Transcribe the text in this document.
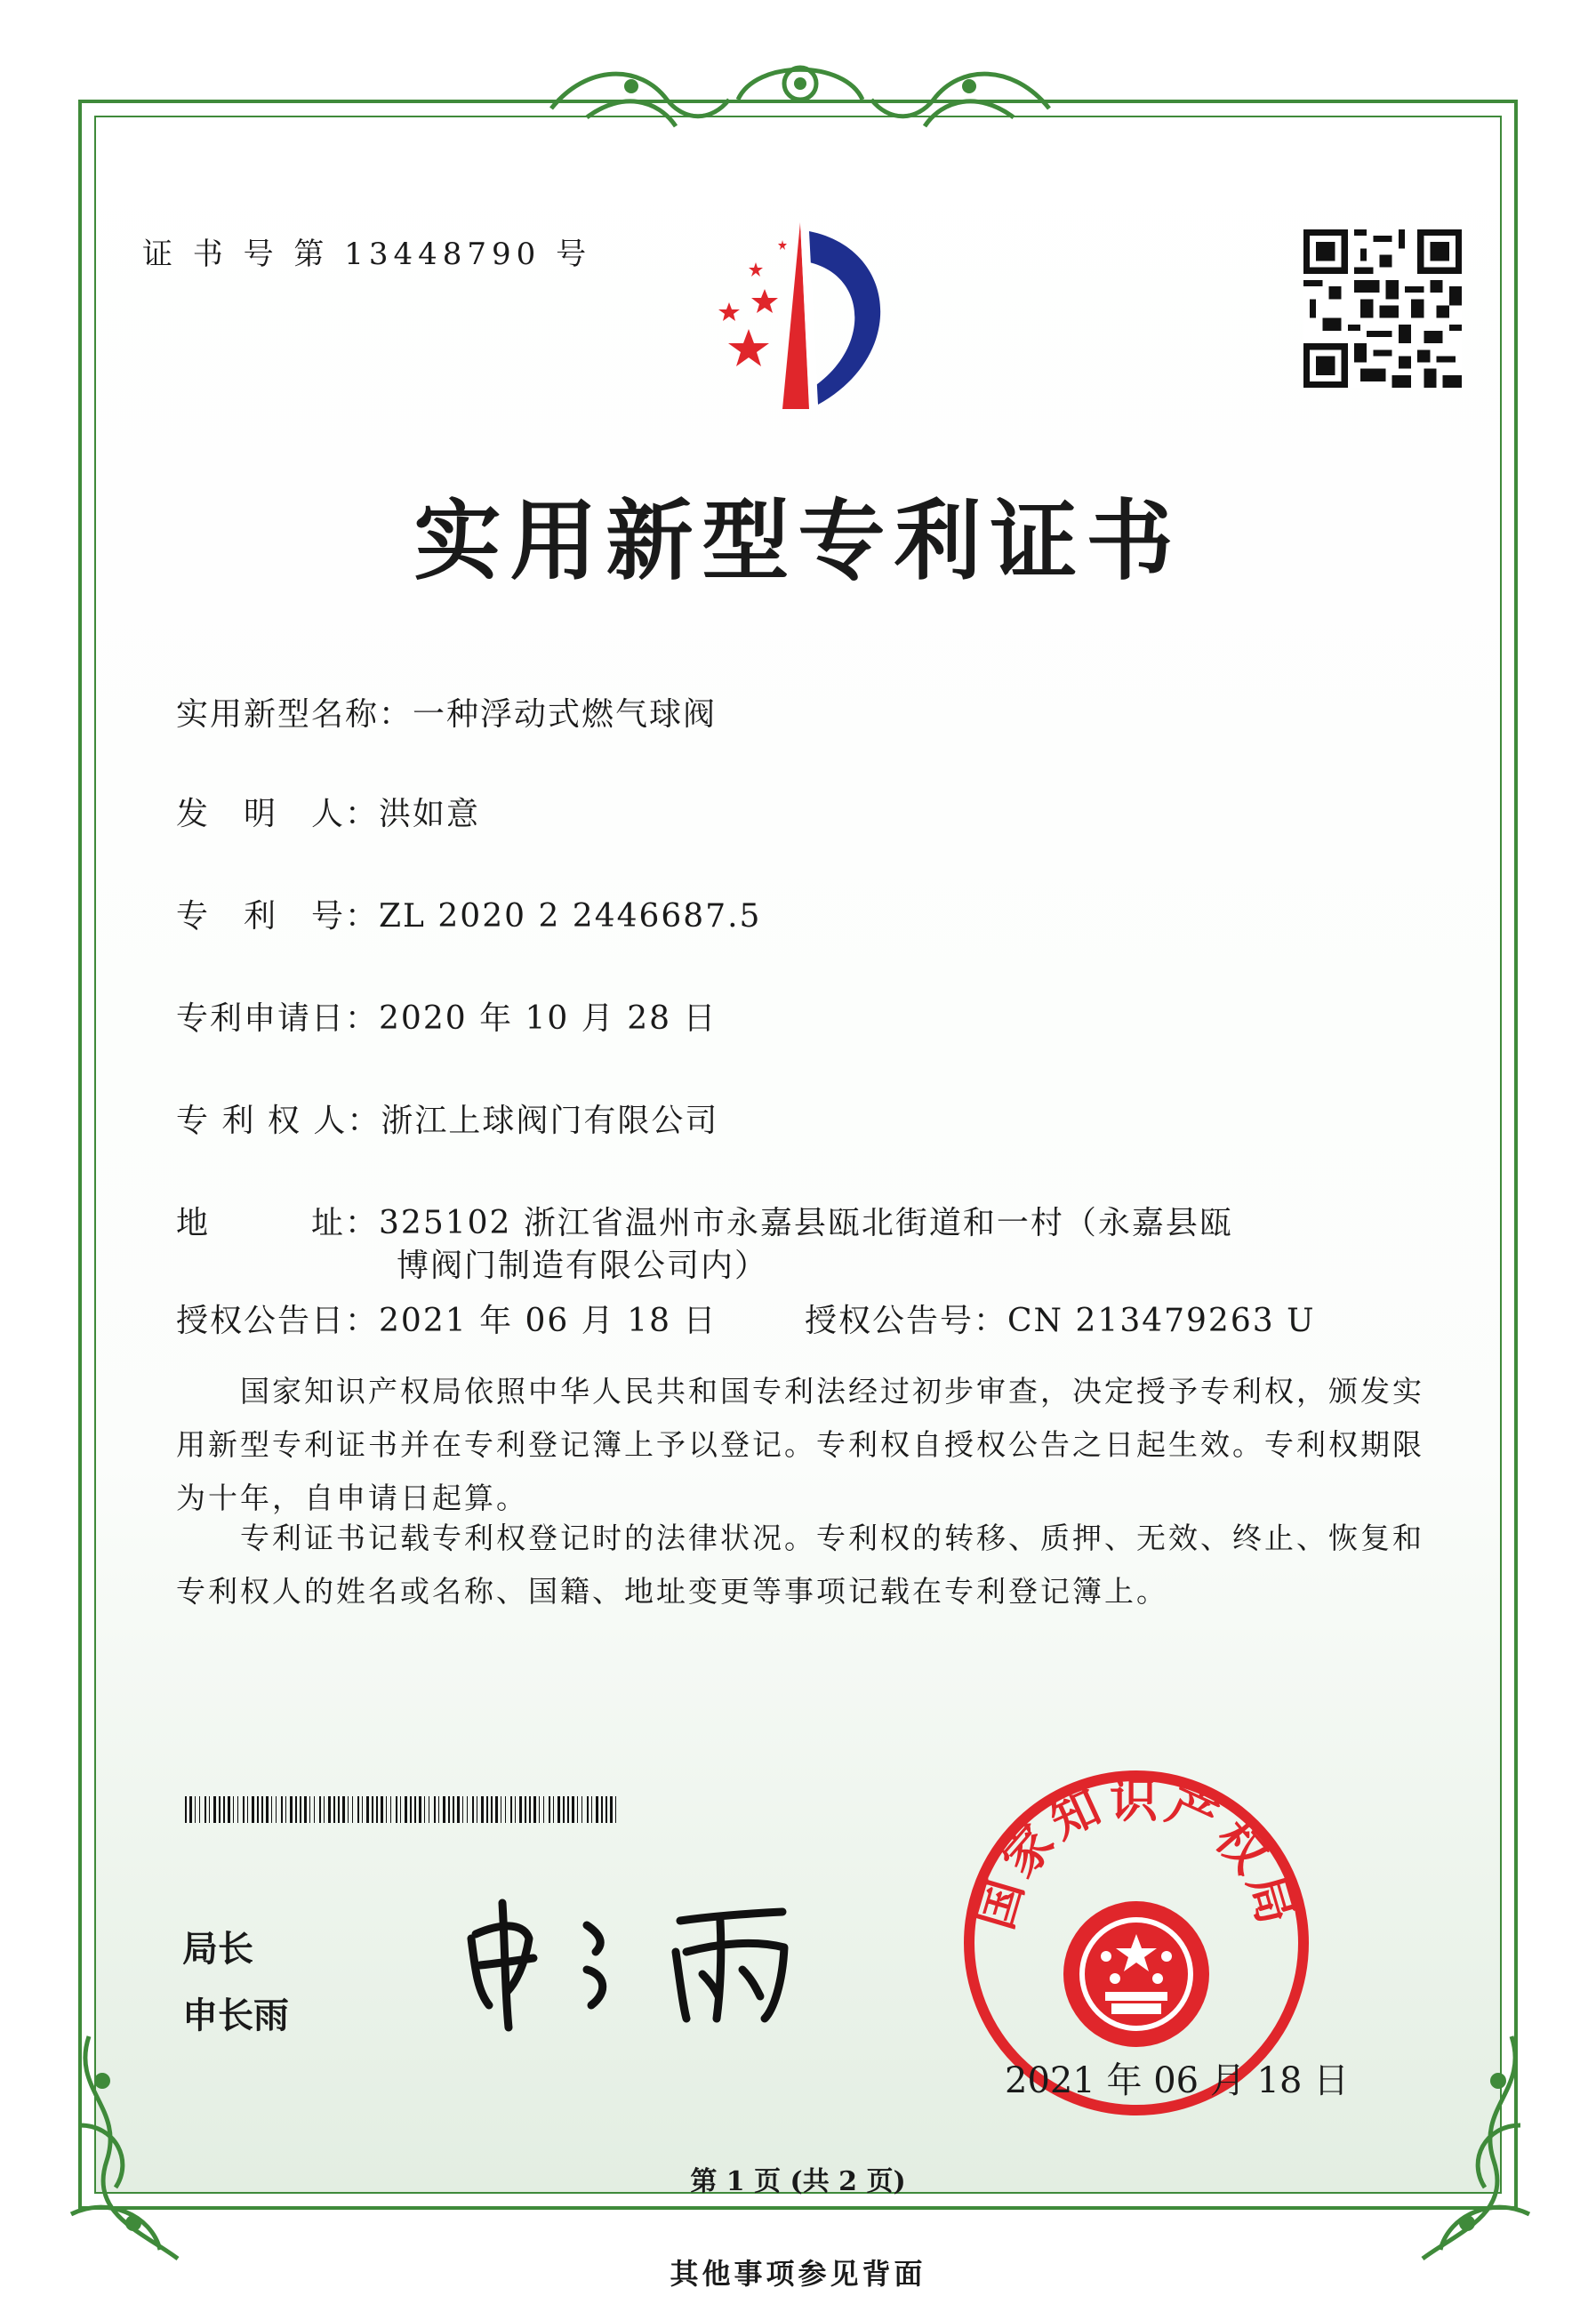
证 书 号 第 13448790 号
实用新型专利证书
实用新型名称：一种浮动式燃气球阀
发　明　人：洪如意
专　利　号：ZL 2020 2 2446687.5
专利申请日：2020 年 10 月 28 日
专 利 权 人：浙江上球阀门有限公司
地　　　址：325102 浙江省温州市永嘉县瓯北街道和一村（永嘉县瓯
博阀门制造有限公司内）
授权公告日：2021 年 06 月 18 日	授权公告号：CN 213479263 U
国家知识产权局依照中华人民共和国专利法经过初步审查，决定授予专利权，颁发实用新型专利证书并在专利登记簿上予以登记。专利权自授权公告之日起生效。专利权期限为十年，自申请日起算。
专利证书记载专利权登记时的法律状况。专利权的转移、质押、无效、终止、恢复和专利权人的姓名或名称、国籍、地址变更等事项记载在专利登记簿上。
局长
申长雨
国家知识产权局
2021 年 06 月 18 日
第 1 页 (共 2 页)
其他事项参见背面
